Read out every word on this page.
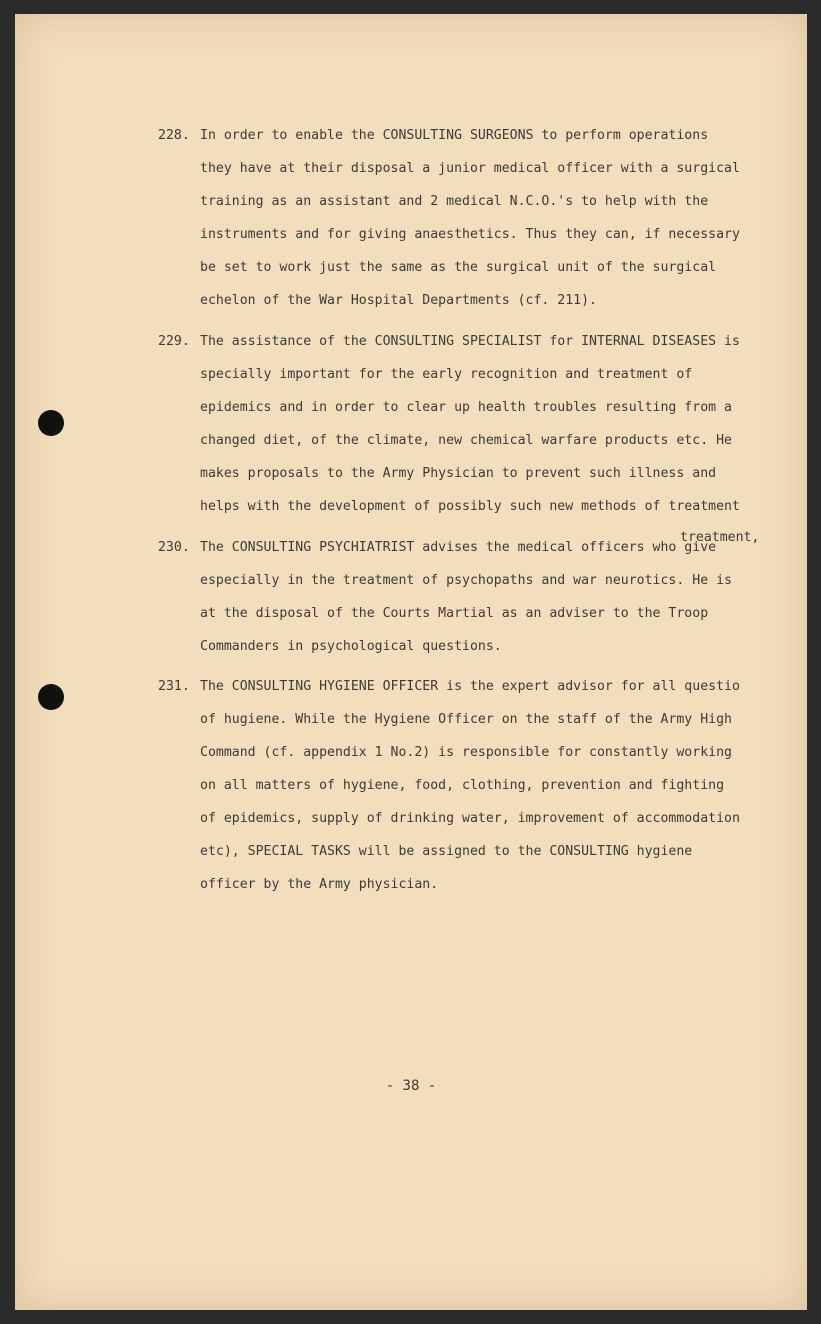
228. In order to enable the CONSULTING SURGEONS to perform operations
they have at their disposal a junior medical officer with a surgical
training as an assistant and 2 medical N.C.O.'s to help with the
instruments and for giving anaesthetics. Thus they can, if necessary
be set to work just the same as the surgical unit of the surgical
echelon of the War Hospital Departments (cf. 211).
229. The assistance of the CONSULTING SPECIALIST for INTERNAL DISEASES is
specially important for the early recognition and treatment of
epidemics and in order to clear up health troubles resulting from a
changed diet, of the climate, new chemical warfare products etc. He
makes proposals to the Army Physician to prevent such illness and
helps with the development of possibly such new methods of treatment
treatment,
230. The CONSULTING PSYCHIATRIST advises the medical officers who give
especially in the treatment of psychopaths and war neurotics. He is
at the disposal of the Courts Martial as an adviser to the Troop
Commanders in psychological questions.
231. The CONSULTING HYGIENE OFFICER is the expert advisor for all questio
of hugiene. While the Hygiene Officer on the staff of the Army High
Command (cf. appendix 1 No.2) is responsible for constantly working
on all matters of hygiene, food, clothing, prevention and fighting
of epidemics, supply of drinking water, improvement of accommodation
etc), SPECIAL TASKS will be assigned to the CONSULTING hygiene
officer by the Army physician.
- 38 -
